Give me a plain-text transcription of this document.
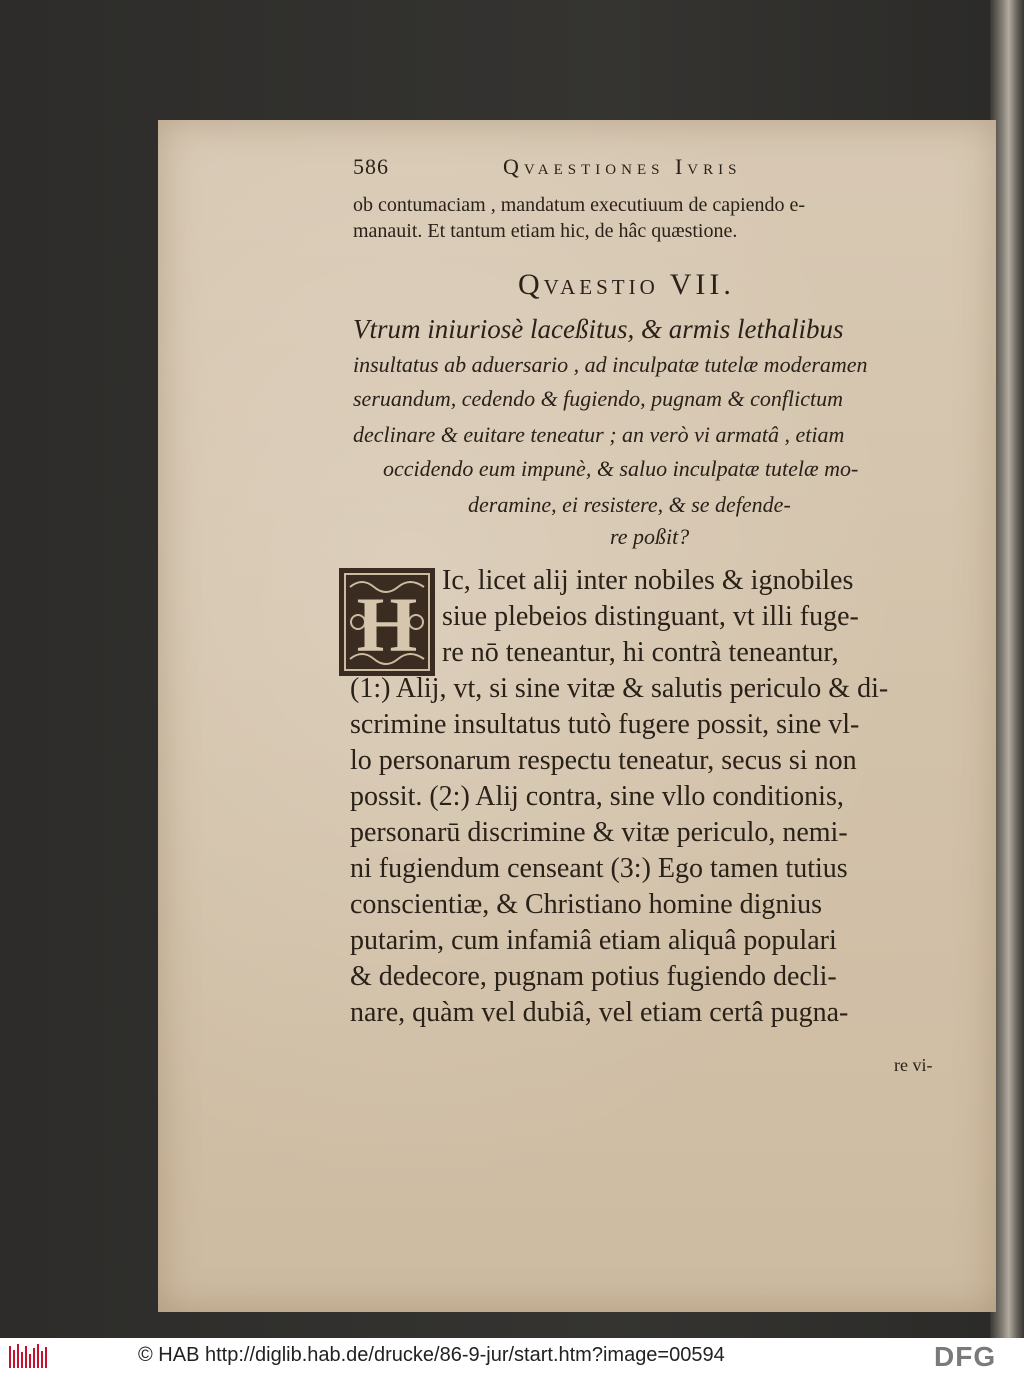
586	Qvaestiones Ivris
ob contumaciam , mandatum executiuum de capiendo e-
manauit. Et tantum etiam hic, de hâc quæstione.
Qvaestio VII.
Vtrum iniuriosè laceßitus, & armis lethalibus
insultatus ab aduersario , ad inculpatæ tutelæ moderamen
seruandum, cedendo & fugiendo, pugnam & conflictum
declinare & euitare teneatur ; an verò vi armatâ , etiam
occidendo eum impunè, & saluo inculpatæ tutelæ mo-
deramine, ei resistere, & se defende-
re poßit?
H
Ic, licet alij inter nobiles & ignobiles
siue plebeios distinguant, vt illi fuge-
re nō teneantur, hi contrà teneantur,
(1:) Alij, vt, si sine vitæ & salutis periculo & di-
scrimine insultatus tutò fugere possit, sine vl-
lo personarum respectu teneatur, secus si non
possit. (2:) Alij contra, sine vllo conditionis,
personarū discrimine & vitæ periculo, nemi-
ni fugiendum censeant (3:) Ego tamen tutius
conscientiæ, & Christiano homine dignius
putarim, cum infamiâ etiam aliquâ populari
& dedecore, pugnam potius fugiendo decli-
nare, quàm vel dubiâ, vel etiam certâ pugna-
re vi-
© HAB http://diglib.hab.de/drucke/86-9-jur/start.htm?image=00594	DFG
